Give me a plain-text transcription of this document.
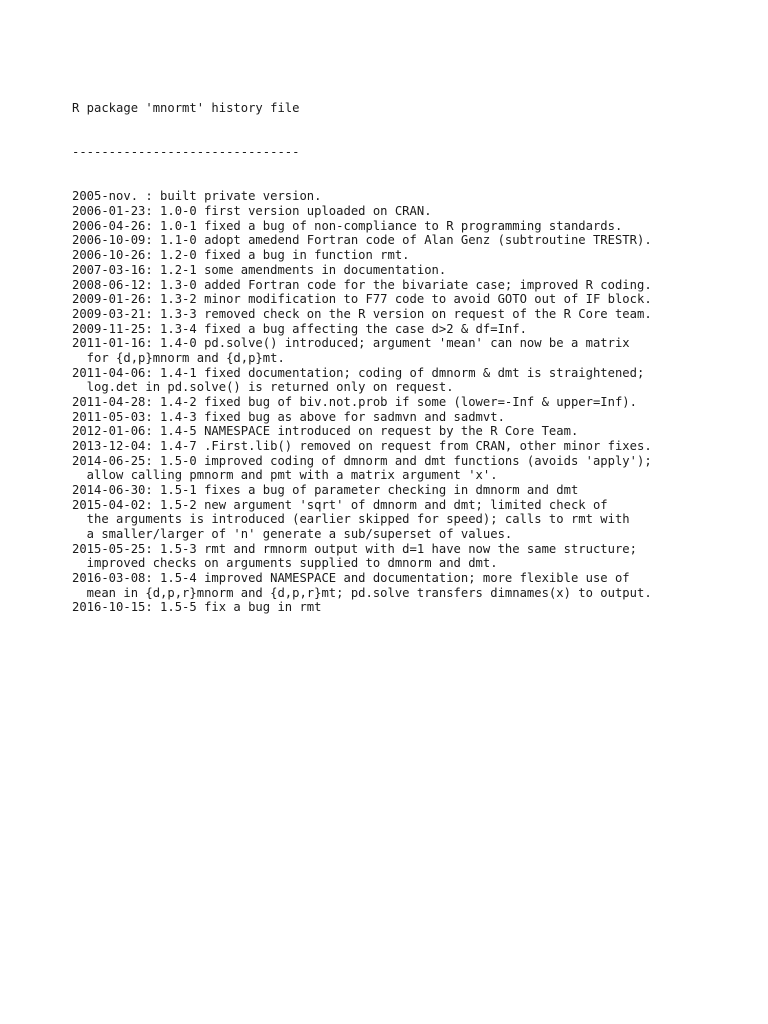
R package 'mnormt' history file

-------------------------------

2005-nov. : built private version.
2006-01-23: 1.0-0 first version uploaded on CRAN.
2006-04-26: 1.0-1 fixed a bug of non-compliance to R programming standards.
2006-10-09: 1.1-0 adopt amedend Fortran code of Alan Genz (subtroutine TRESTR).
2006-10-26: 1.2-0 fixed a bug in function rmt.
2007-03-16: 1.2-1 some amendments in documentation.
2008-06-12: 1.3-0 added Fortran code for the bivariate case; improved R coding.
2009-01-26: 1.3-2 minor modification to F77 code to avoid GOTO out of IF block.
2009-03-21: 1.3-3 removed check on the R version on request of the R Core team.
2009-11-25: 1.3-4 fixed a bug affecting the case d>2 & df=Inf.
2011-01-16: 1.4-0 pd.solve() introduced; argument 'mean' can now be a matrix
for {d,p}mnorm and {d,p}mt.
2011-04-06: 1.4-1 fixed documentation; coding of dmnorm & dmt is straightened;
log.det in pd.solve() is returned only on request.
2011-04-28: 1.4-2 fixed bug of biv.not.prob if some (lower=-Inf & upper=Inf).
2011-05-03: 1.4-3 fixed bug as above for sadmvn and sadmvt.
2012-01-06: 1.4-5 NAMESPACE introduced on request by the R Core Team.
2013-12-04: 1.4-7 .First.lib() removed on request from CRAN, other minor fixes.
2014-06-25: 1.5-0 improved coding of dmnorm and dmt functions (avoids 'apply');
allow calling pmnorm and pmt with a matrix argument 'x'.
2014-06-30: 1.5-1 fixes a bug of parameter checking in dmnorm and dmt
2015-04-02: 1.5-2 new argument 'sqrt' of dmnorm and dmt; limited check of
the arguments is introduced (earlier skipped for speed); calls to rmt with
a smaller/larger of 'n' generate a sub/superset of values.
2015-05-25: 1.5-3 rmt and rmnorm output with d=1 have now the same structure;
improved checks on arguments supplied to dmnorm and dmt.
2016-03-08: 1.5-4 improved NAMESPACE and documentation; more flexible use of
mean in {d,p,r}mnorm and {d,p,r}mt; pd.solve transfers dimnames(x) to output.
2016-10-15: 1.5-5 fix a bug in rmt
